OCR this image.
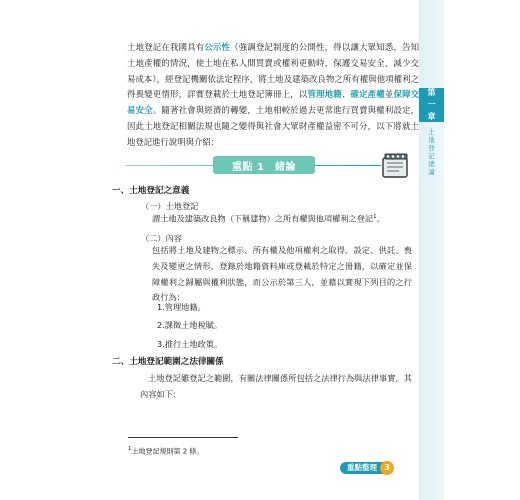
土地登記在我國具有公示性（強調登記制度的公開性，得以讓大眾知悉，告知土地產權的情況，使土地在私人間買賣或權利更動時，保護交易安全，減少交易成本），經登記機關依法定程序，將土地及建築改良物之所有權與他項權利之得喪變更情形，詳實登載於土地登記簿冊上，以管理地籍、確定產權並保障交易安全。隨著社會與經濟的轉變，土地相較於過去更常進行買賣與權利設定，因此土地登記相關法規也隨之變得與社會大眾財產權益密不可分，以下將就土地登記進行說明與介紹：

重點 1　緒論

一、土地登記之意義

（一）土地登記

謂土地及建築改良物（下稱建物）之所有權與他項權利之登記$^1$。

（二）內容

包括將土地及建物之標示、所有權及他項權利之取得、設定、供託、喪失及變更之情形，登錄於地籍資料庫或登載於特定之冊籍，以確定並保障權利之歸屬與權利狀態，而公示於第三人，並藉以實現下列目的之行政行為：

1.管理地籍。

2.課徵土地稅賦。

3.推行土地政策。

二、土地登記範圍之法律關係

土地登記雖登記之範圍，有關法律關係所包括之法律行為與法律事實，其內容如下：

$^1$土地登記規則第 2 條。

第
一
章
土地登記總論
重點整理 3
